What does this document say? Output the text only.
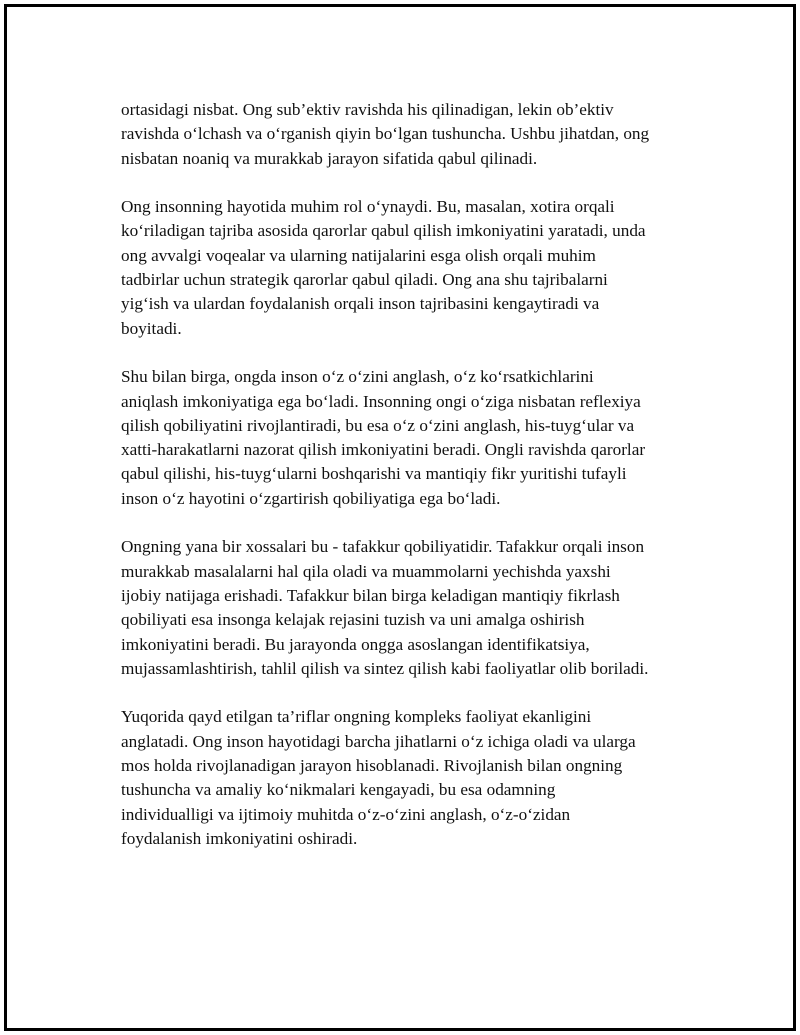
ortasidagi nisbat. Ong sub’ektiv ravishda his qilinadigan, lekin ob’ektiv
ravishda o‘lchash va o‘rganish qiyin bo‘lgan tushuncha. Ushbu jihatdan, ong
nisbatan noaniq va murakkab jarayon sifatida qabul qilinadi.

Ong insonning hayotida muhim rol o‘ynaydi. Bu, masalan, xotira orqali
ko‘riladigan tajriba asosida qarorlar qabul qilish imkoniyatini yaratadi, unda
ong avvalgi voqealar va ularning natijalarini esga olish orqali muhim
tadbirlar uchun strategik qarorlar qabul qiladi. Ong ana shu tajribalarni
yig‘ish va ulardan foydalanish orqali inson tajribasini kengaytiradi va
boyitadi.

Shu bilan birga, ongda inson o‘z o‘zini anglash, o‘z ko‘rsatkichlarini
aniqlash imkoniyatiga ega bo‘ladi. Insonning ongi o‘ziga nisbatan reflexiya
qilish qobiliyatini rivojlantiradi, bu esa o‘z o‘zini anglash, his-tuyg‘ular va
xatti-harakatlarni nazorat qilish imkoniyatini beradi. Ongli ravishda qarorlar
qabul qilishi, his-tuyg‘ularni boshqarishi va mantiqiy fikr yuritishi tufayli
inson o‘z hayotini o‘zgartirish qobiliyatiga ega bo‘ladi.

Ongning yana bir xossalari bu - tafakkur qobiliyatidir. Tafakkur orqali inson
murakkab masalalarni hal qila oladi va muammolarni yechishda yaxshi
ijobiy natijaga erishadi. Tafakkur bilan birga keladigan mantiqiy fikrlash
qobiliyati esa insonga kelajak rejasini tuzish va uni amalga oshirish
imkoniyatini beradi. Bu jarayonda ongga asoslangan identifikatsiya,
mujassamlashtirish, tahlil qilish va sintez qilish kabi faoliyatlar olib boriladi.

Yuqorida qayd etilgan ta’riflar ongning kompleks faoliyat ekanligini
anglatadi. Ong inson hayotidagi barcha jihatlarni o‘z ichiga oladi va ularga
mos holda rivojlanadigan jarayon hisoblanadi. Rivojlanish bilan ongning
tushuncha va amaliy ko‘nikmalari kengayadi, bu esa odamning
individualligi va ijtimoiy muhitda o‘z-o‘zini anglash, o‘z-o‘zidan
foydalanish imkoniyatini oshiradi.
